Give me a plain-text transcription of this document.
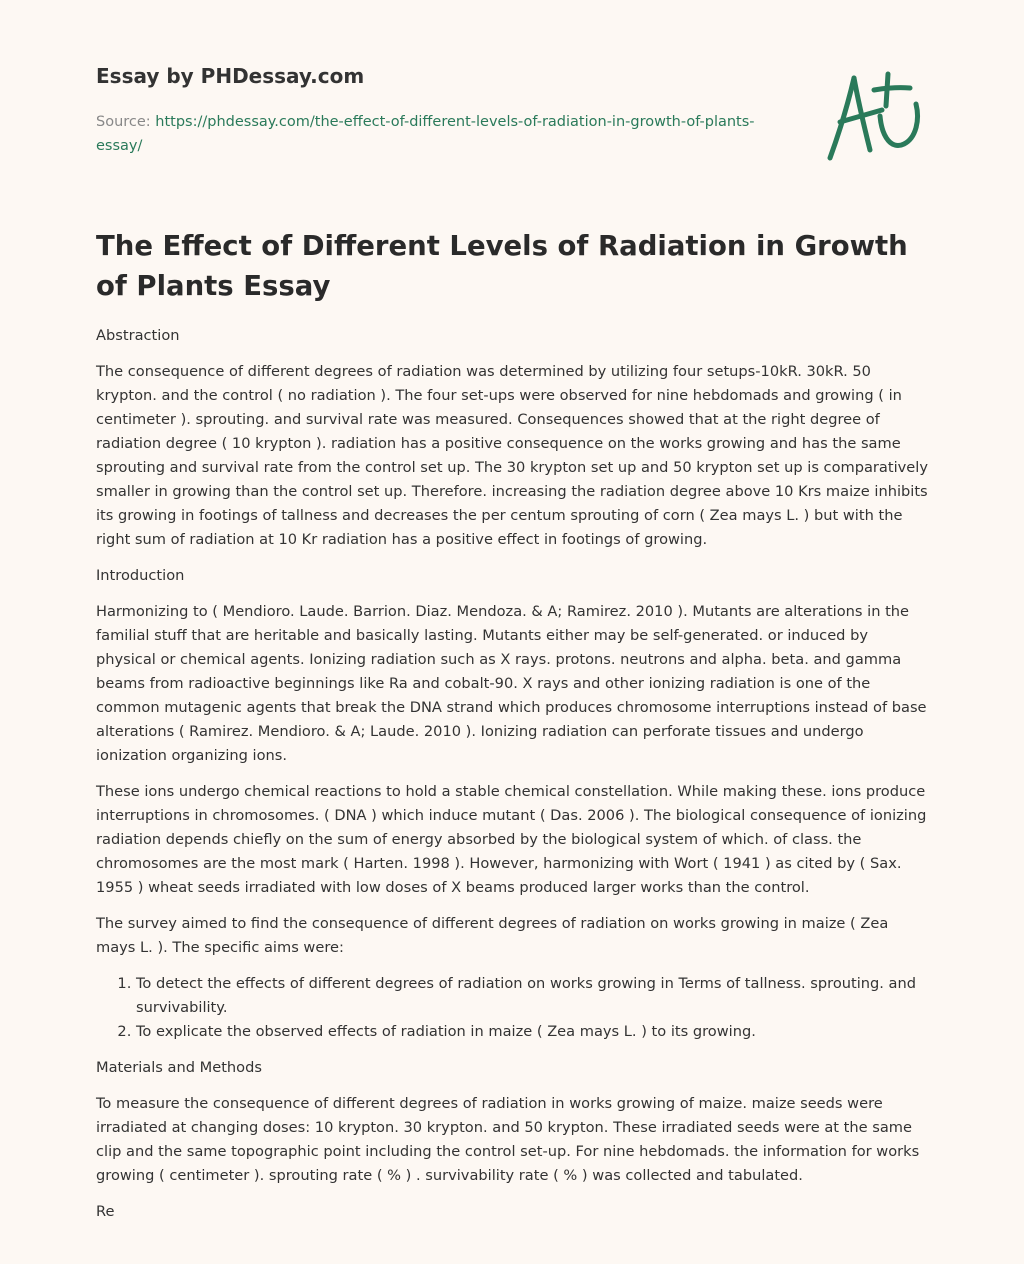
Essay by PHDessay.com
Source: https://phdessay.com/the-effect-of-different-levels-of-radiation-in-growth-of-plants-essay/
The Effect of Different Levels of Radiation in Growth of Plants Essay
Abstraction

The consequence of different degrees of radiation was determined by utilizing four setups-10kR. 30kR. 50 krypton. and the control ( no radiation ). The four set-ups were observed for nine hebdomads and growing ( in centimeter ). sprouting. and survival rate was measured. Consequences showed that at the right degree of radiation degree ( 10 krypton ). radiation has a positive consequence on the works growing and has the same sprouting and survival rate from the control set up. The 30 krypton set up and 50 krypton set up is comparatively smaller in growing than the control set up. Therefore. increasing the radiation degree above 10 Krs maize inhibits its growing in footings of tallness and decreases the per centum sprouting of corn ( Zea mays L. ) but with the right sum of radiation at 10 Kr radiation has a positive effect in footings of growing.

Introduction

Harmonizing to ( Mendioro. Laude. Barrion. Diaz. Mendoza. & A; Ramirez. 2010 ). Mutants are alterations in the familial stuff that are heritable and basically lasting. Mutants either may be self-generated. or induced by physical or chemical agents. Ionizing radiation such as X rays. protons. neutrons and alpha. beta. and gamma beams from radioactive beginnings like Ra and cobalt-90. X rays and other ionizing radiation is one of the common mutagenic agents that break the DNA strand which produces chromosome interruptions instead of base alterations ( Ramirez. Mendioro. & A; Laude. 2010 ). Ionizing radiation can perforate tissues and undergo ionization organizing ions.

These ions undergo chemical reactions to hold a stable chemical constellation. While making these. ions produce interruptions in chromosomes. ( DNA ) which induce mutant ( Das. 2006 ). The biological consequence of ionizing radiation depends chiefly on the sum of energy absorbed by the biological system of which. of class. the chromosomes are the most mark ( Harten. 1998 ). However, harmonizing with Wort ( 1941 ) as cited by ( Sax. 1955 ) wheat seeds irradiated with low doses of X beams produced larger works than the control.

The survey aimed to find the consequence of different degrees of radiation on works growing in maize ( Zea mays L. ). The specific aims were:

1. To detect the effects of different degrees of radiation on works growing in Terms of tallness. sprouting. and survivability.
2. To explicate the observed effects of radiation in maize ( Zea mays L. ) to its growing.
Materials and Methods

To measure the consequence of different degrees of radiation in works growing of maize. maize seeds were irradiated at changing doses: 10 krypton. 30 krypton. and 50 krypton. These irradiated seeds were at the same clip and the same topographic point including the control set-up. For nine hebdomads. the information for works growing ( centimeter ). sprouting rate ( % ) . survivability rate ( % ) was collected and tabulated.

Re
